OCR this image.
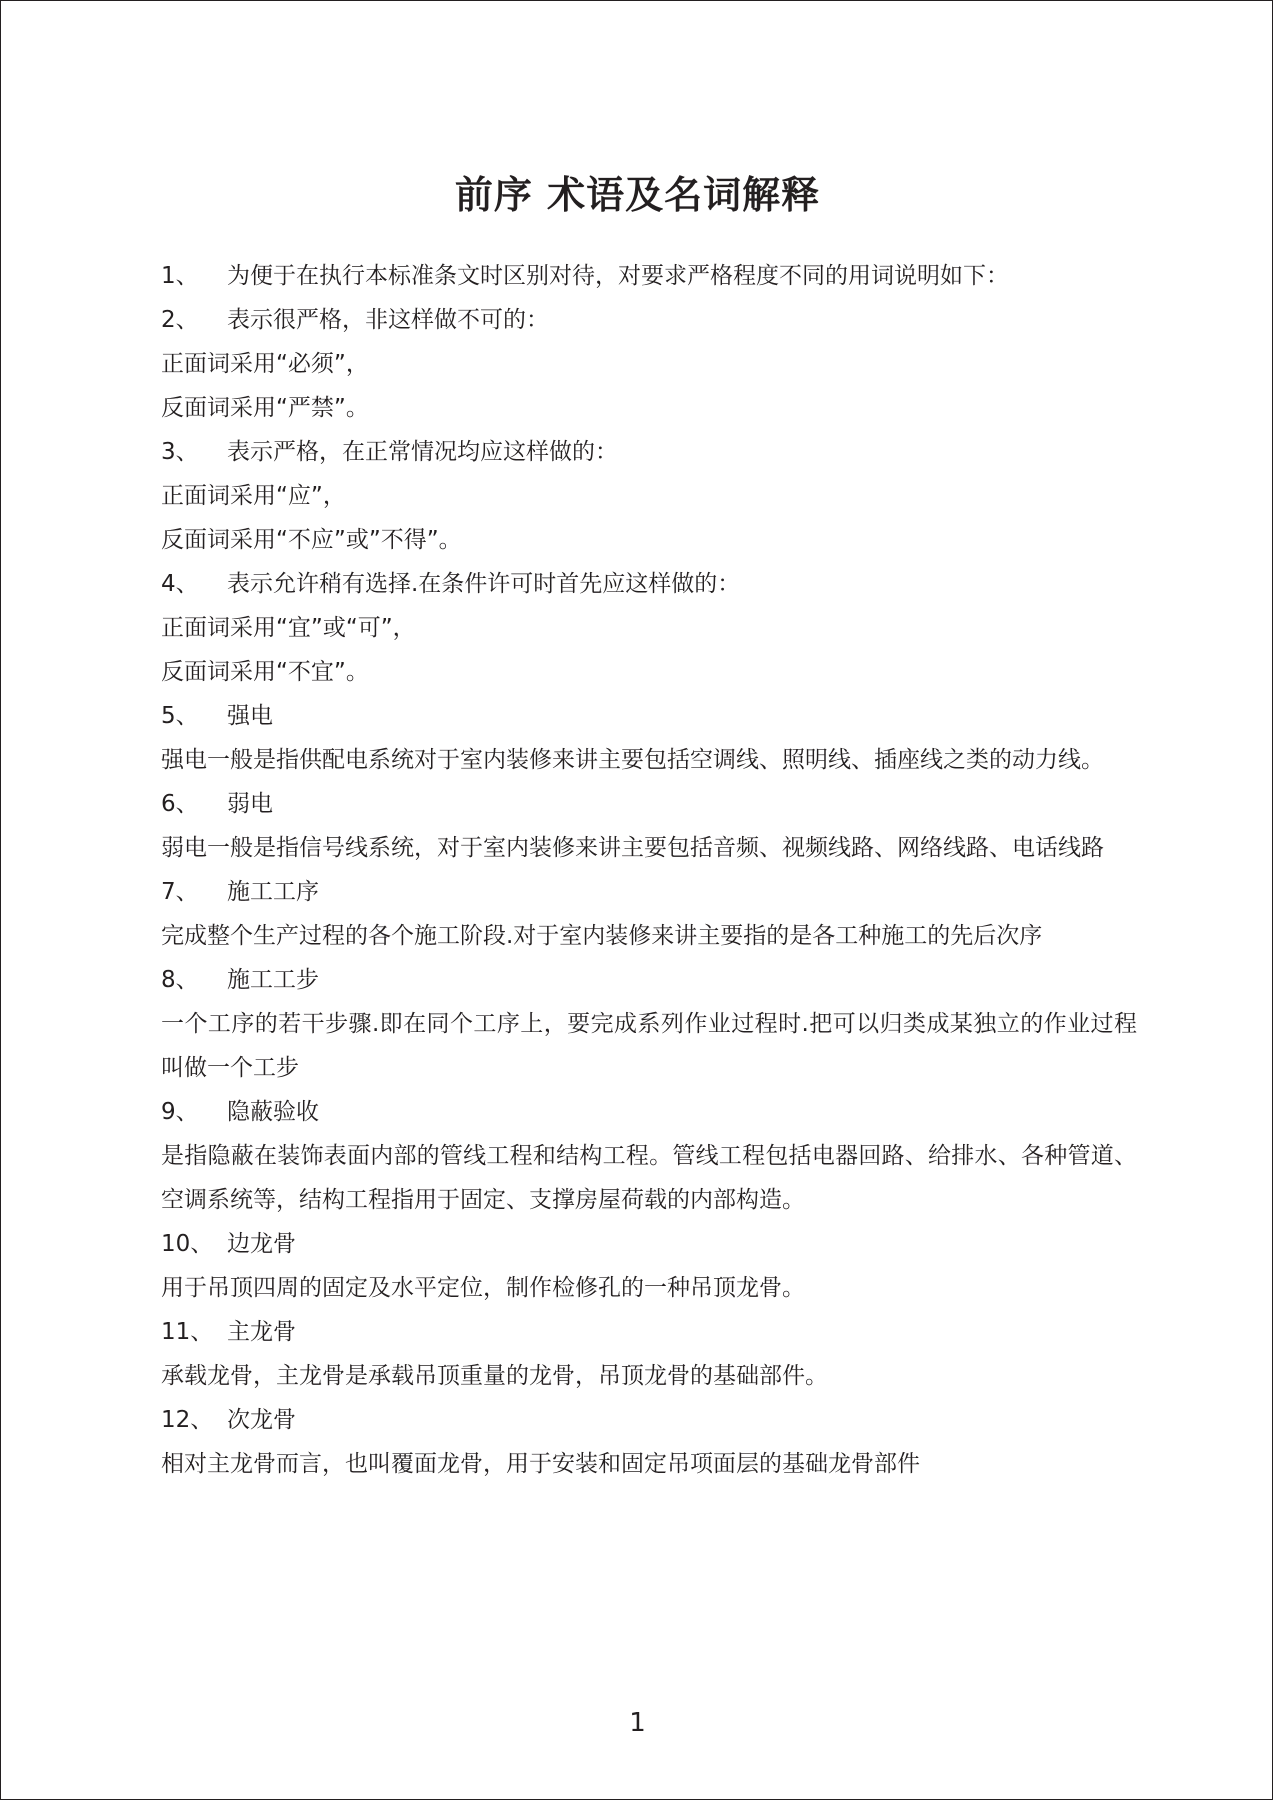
前序 术语及名词解释

1、 为便于在执行本标准条文时区别对待，对要求严格程度不同的用词说明如下：

2、 表示很严格，非这样做不可的：

正面词采用“必须”，

反面词采用“严禁”。

3、 表示严格，在正常情况均应这样做的：

正面词采用“应”，

反面词采用“不应”或”不得”。

4、 表示允许稍有选择.在条件许可时首先应这样做的：

正面词采用“宜”或“可”，

反面词采用“不宜”。

5、 强电

强电一般是指供配电系统对于室内装修来讲主要包括空调线、照明线、插座线之类的动力线。

6、 弱电

弱电一般是指信号线系统，对于室内装修来讲主要包括音频、视频线路、网络线路、电话线路

7、 施工工序

完成整个生产过程的各个施工阶段.对于室内装修来讲主要指的是各工种施工的先后次序

8、 施工工步

一个工序的若干步骤.即在同个工序上，要完成系列作业过程时.把可以归类成某独立的作业过程叫做一个工步

9、 隐蔽验收

是指隐蔽在装饰表面内部的管线工程和结构工程。管线工程包括电器回路、给排水、各种管道、空调系统等，结构工程指用于固定、支撑房屋荷载的内部构造。

10、 边龙骨

用于吊顶四周的固定及水平定位，制作检修孔的一种吊顶龙骨。

11、 主龙骨

承载龙骨，主龙骨是承载吊顶重量的龙骨，吊顶龙骨的基础部件。

12、 次龙骨

相对主龙骨而言，也叫覆面龙骨，用于安装和固定吊项面层的基础龙骨部件

1
